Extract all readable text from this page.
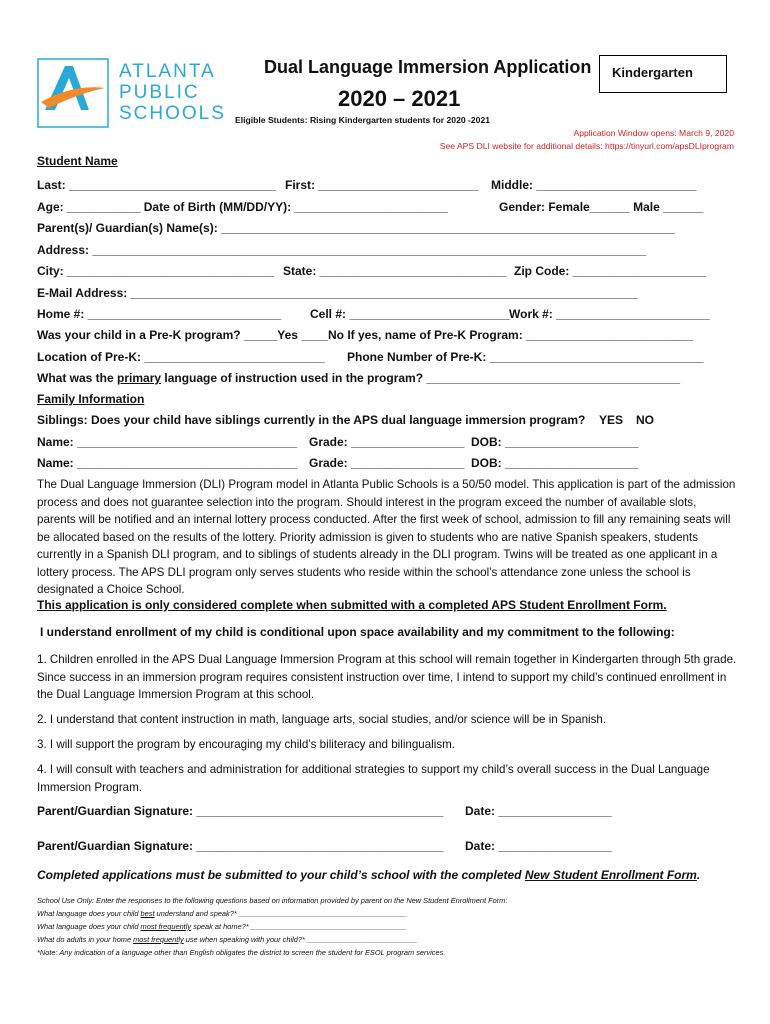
ATLANTA
PUBLIC
SCHOOLS
Dual Language Immersion Application Kindergarten
2020 – 2021
Eligible Students: Rising Kindergarten students for 2020 -2021
Application Window opens: March 9, 2020
See APS DLI website for additional details: https://tinyurl.com/apsDLIprogram
Student Name
Last: _______________________________ First: ________________________ Middle: ________________________
Age: ___________ Date of Birth (MM/DD/YY): _______________________	Gender: Female______ Male ______
Parent(s)/ Guardian(s) Name(s): ____________________________________________________________________
Address: ___________________________________________________________________________________
City: _______________________________ State: ____________________________ Zip Code: ____________________
E-Mail Address: ____________________________________________________________________________
Home #: _____________________________ Cell #: ________________________ Work #: _______________________
Was your child in a Pre-K program? _____Yes ____No If yes, name of Pre-K Program: _________________________
Location of Pre-K: ___________________________ Phone Number of Pre-K: ________________________________
What was the primary language of instruction used in the program? ______________________________________
Family Information
Siblings: Does your child have siblings currently in the APS dual language immersion program? YES NO
Name: _________________________________ Grade: _________________ DOB: ____________________
Name: _________________________________ Grade: _________________ DOB: ____________________
The Dual Language Immersion (DLI) Program model in Atlanta Public Schools is a 50/50 model. This application is part of the admission process and does not guarantee selection into the program. Should interest in the program exceed the number of available slots, parents will be notified and an internal lottery process conducted. After the first week of school, admission to fill any remaining seats will be allocated based on the results of the lottery. Priority admission is given to students who are native Spanish speakers, students currently in a Spanish DLI program, and to siblings of students already in the DLI program. Twins will be treated as one applicant in a lottery process. The APS DLI program only serves students who reside within the school’s attendance zone unless the school is designated a Choice School.
This application is only considered complete when submitted with a completed APS Student Enrollment Form.
I understand enrollment of my child is conditional upon space availability and my commitment to the following:
1. Children enrolled in the APS Dual Language Immersion Program at this school will remain together in Kindergarten through 5th grade. Since success in an immersion program requires consistent instruction over time, I intend to support my child’s continued enrollment in the Dual Language Immersion Program at this school.
2. I understand that content instruction in math, language arts, social studies, and/or science will be in Spanish.
3. I will support the program by encouraging my child’s biliteracy and bilingualism.
4. I will consult with teachers and administration for additional strategies to support my child’s overall success in the Dual Language Immersion Program.
Parent/Guardian Signature: _____________________________________ Date: _________________
Parent/Guardian Signature: _____________________________________ Date: _________________
Completed applications must be submitted to your child’s school with the completed New Student Enrollment Form.
School Use Only: Enter the responses to the following questions based on information provided by parent on the New Student Enrollment Form:
What language does your child best understand and speak?* _________________________________________
What language does your child most frequently speak at home?* ______________________________________
What do adults in your home most frequently use when speaking with your child?* ___________________________
*Note: Any indication of a language other than English obligates the district to screen the student for ESOL program services.
